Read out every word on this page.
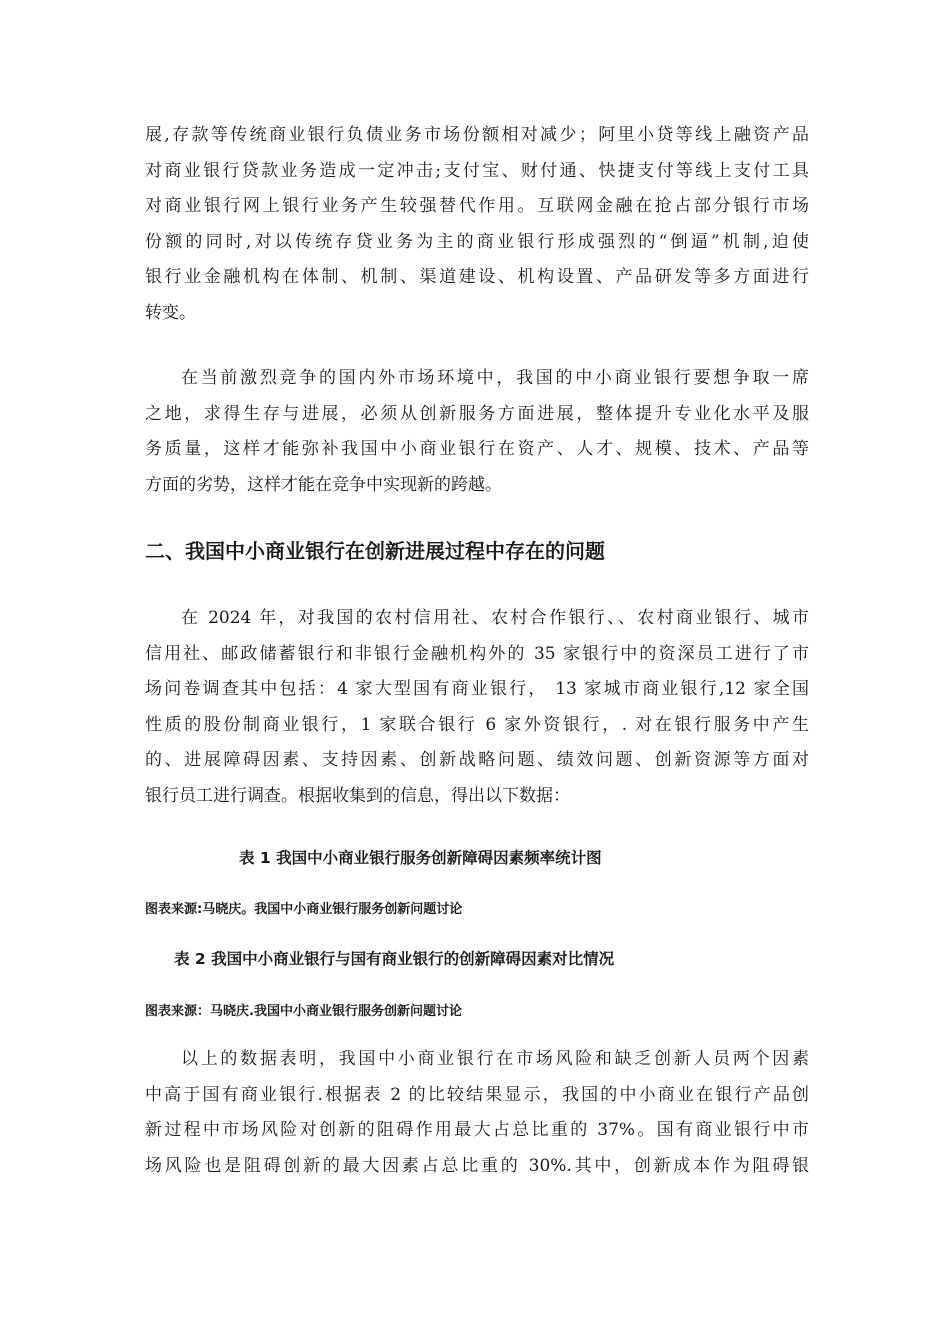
展,存款等传统商业银行负债业务市场份额相对减少；阿里小贷等线上融资产品
对商业银行贷款业务造成一定冲击;支付宝、财付通、快捷支付等线上支付工具
对商业银行网上银行业务产生较强替代作用。互联网金融在抢占部分银行市场
份额的同时,对以传统存贷业务为主的商业银行形成强烈的“倒逼”机制,迫使
银行业金融机构在体制、机制、渠道建设、机构设置、产品研发等多方面进行
转变。
在当前激烈竞争的国内外市场环境中，我国的中小商业银行要想争取一席
之地，求得生存与进展，必须从创新服务方面进展，整体提升专业化水平及服
务质量，这样才能弥补我国中小商业银行在资产、人才、规模、技术、产品等
方面的劣势，这样才能在竞争中实现新的跨越。
二、我国中小商业银行在创新进展过程中存在的问题
在 2024 年，对我国的农村信用社、农村合作银行、、农村商业银行、城市
信用社、邮政储蓄银行和非银行金融机构外的 35 家银行中的资深员工进行了市
场问卷调查其中包括：4 家大型国有商业银行， 13 家城市商业银行,12 家全国
性质的股份制商业银行，1 家联合银行 6 家外资银行，. 对在银行服务中产生
的、进展障碍因素、支持因素、创新战略问题、绩效问题、创新资源等方面对
银行员工进行调查。根据收集到的信息，得出以下数据：

表 1 我国中小商业银行服务创新障碍因素频率统计图

图表来源:马晓庆。我国中小商业银行服务创新问题讨论

表 2 我国中小商业银行与国有商业银行的创新障碍因素对比情况

图表来源：马晓庆.我国中小商业银行服务创新问题讨论

以上的数据表明，我国中小商业银行在市场风险和缺乏创新人员两个因素
中高于国有商业银行.根据表 2 的比较结果显示，我国的中小商业在银行产品创
新过程中市场风险对创新的阻碍作用最大占总比重的 37%。国有商业银行中市
场风险也是阻碍创新的最大因素占总比重的 30%.其中，创新成本作为阻碍银
